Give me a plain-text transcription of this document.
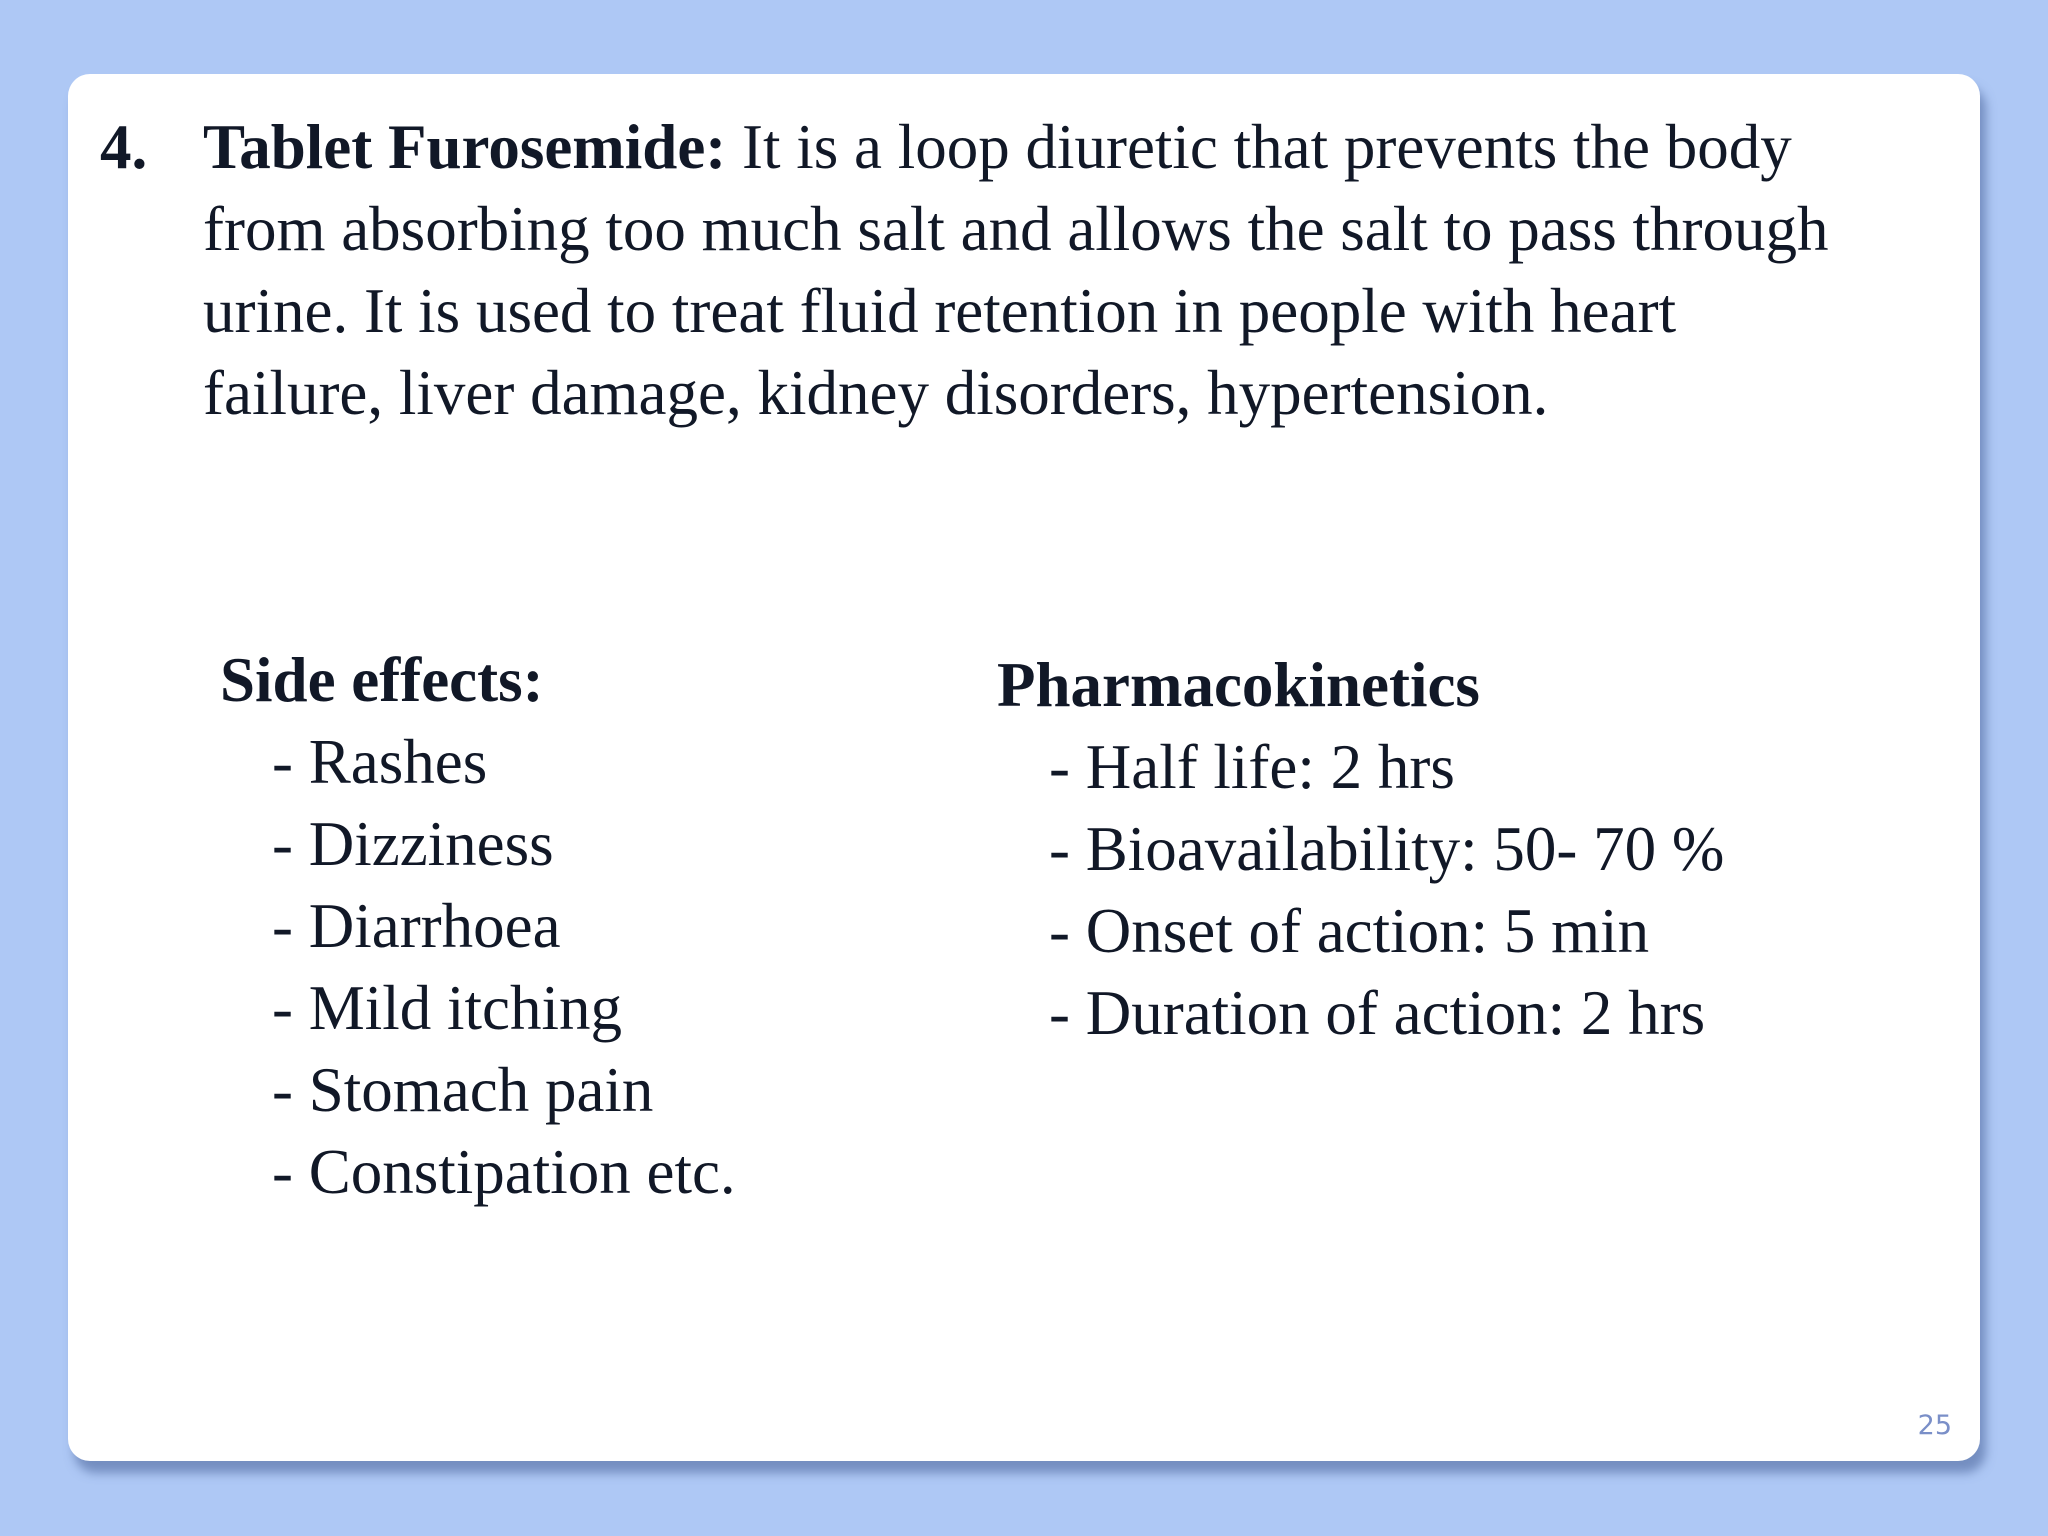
4. Tablet Furosemide: It is a loop diuretic that prevents the body from absorbing too much salt and allows the salt to pass through urine. It is used to treat fluid retention in people with heart failure, liver damage, kidney disorders, hypertension.
Side effects:
- Rashes
- Dizziness
- Diarrhoea
- Mild itching
- Stomach pain
- Constipation etc.
Pharmacokinetics
- Half life: 2 hrs
- Bioavailability: 50- 70 %
- Onset of action: 5 min
- Duration of action: 2 hrs
25
